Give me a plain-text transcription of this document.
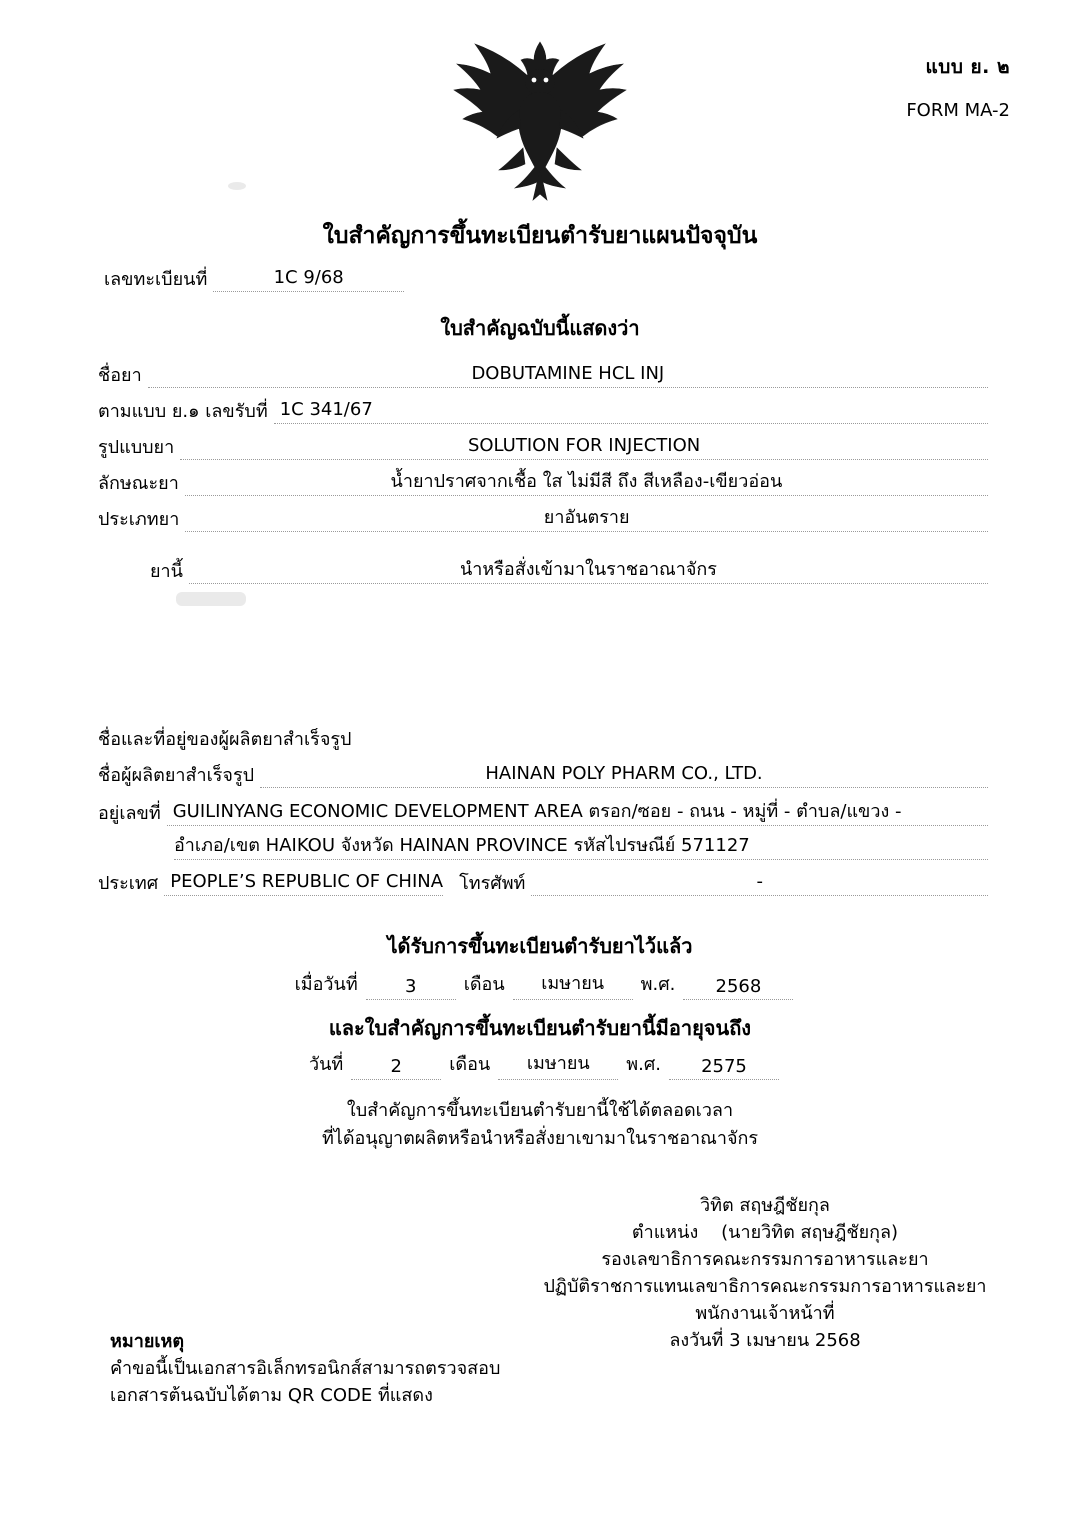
แบบ ย. ๒
FORM MA-2
ใบสำคัญการขึ้นทะเบียนตำรับยาแผนปัจจุบัน
เลขทะเบียนที่	1C 9/68
ใบสำคัญฉบับนี้แสดงว่า
ชื่อยา	DOBUTAMINE HCL INJ
ตามแบบ ย.๑ เลขรับที่ 1C 341/67
รูปแบบยา	SOLUTION FOR INJECTION
ลักษณะยา	น้ำยาปราศจากเชื้อ ใส ไม่มีสี ถึง สีเหลือง-เขียวอ่อน
ประเภทยา	ยาอันตราย
ยานี้	นำหรือสั่งเข้ามาในราชอาณาจักร
ชื่อและที่อยู่ของผู้ผลิตยาสำเร็จรูป
ชื่อผู้ผลิตยาสำเร็จรูป	HAINAN POLY PHARM CO., LTD.
อยู่เลขที่ GUILINYANG ECONOMIC DEVELOPMENT AREA ตรอก/ซอย - ถนน - หมู่ที่ - ตำบล/แขวง -
อำเภอ/เขต HAIKOU จังหวัด HAINAN PROVINCE รหัสไปรษณีย์ 571127
ประเทศ PEOPLE’S REPUBLIC OF CHINA โทรศัพท์	-
ได้รับการขึ้นทะเบียนตำรับยาไว้แล้ว
เมื่อวันที่	3	เดือน	เมษายน	พ.ศ.	2568
และใบสำคัญการขึ้นทะเบียนตำรับยานี้มีอายุจนถึง
วันที่	2	เดือน	เมษายน	พ.ศ.	2575
ใบสำคัญการขึ้นทะเบียนตำรับยานี้ใช้ได้ตลอดเวลา
ที่ได้อนุญาตผลิตหรือนำหรือสั่งยาเขามาในราชอาณาจักร
วิทิต สฤษฎีชัยกุล
ตำแหน่ง (นายวิทิต สฤษฎีชัยกุล)
รองเลขาธิการคณะกรรมการอาหารและยา
ปฏิบัติราชการแทนเลขาธิการคณะกรรมการอาหารและยา
พนักงานเจ้าหน้าที่
ลงวันที่ 3 เมษายน 2568
หมายเหตุ
คำขอนี้เป็นเอกสารอิเล็กทรอนิกส์สามารถตรวจสอบ
เอกสารต้นฉบับได้ตาม QR CODE ที่แสดง
